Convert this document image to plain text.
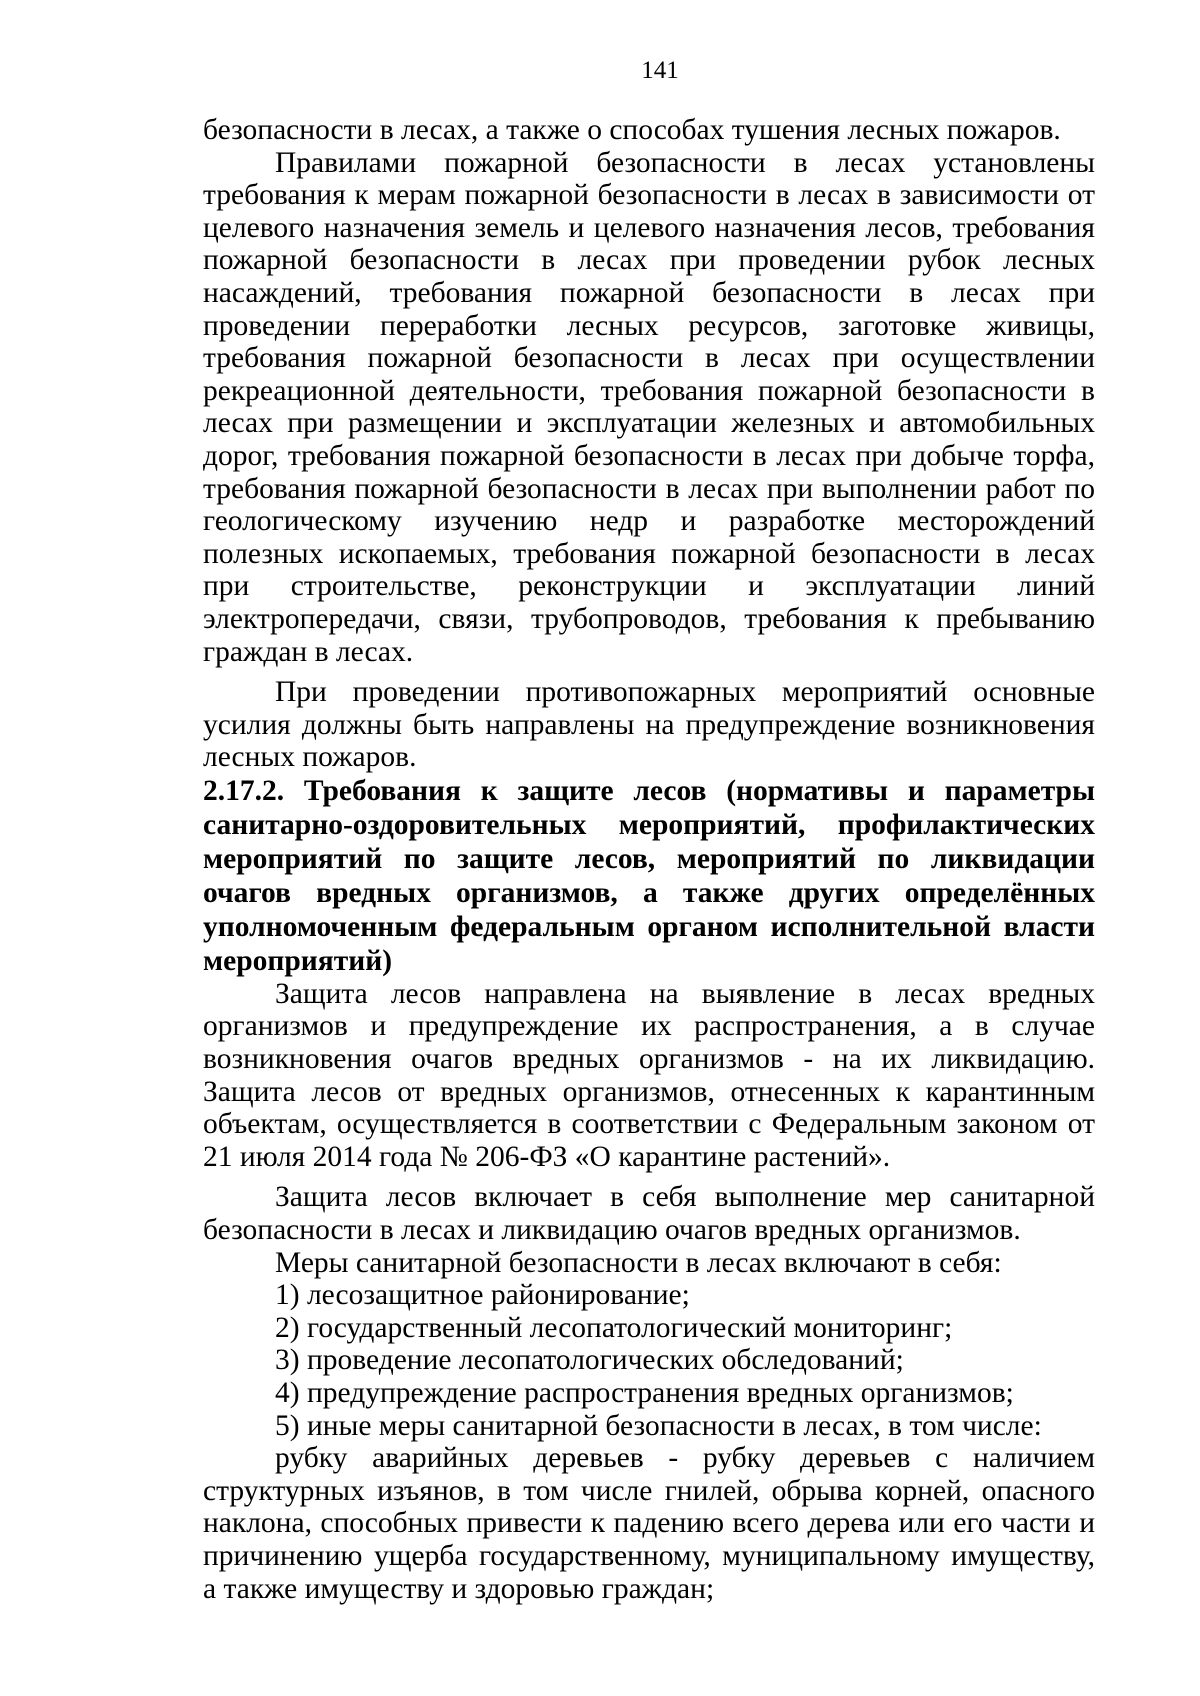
141

безопасности в лесах, а также о способах тушения лесных пожаров.

Правилами пожарной безопасности в лесах установлены требования к мерам пожарной безопасности в лесах в зависимости от целевого назначения земель и целевого назначения лесов, требования пожарной безопасности в лесах при проведении рубок лесных насаждений, требования пожарной безопасности в лесах при проведении переработки лесных ресурсов, заготовке живицы, требования пожарной безопасности в лесах при осуществлении рекреационной деятельности, требования пожарной безопасности в лесах при размещении и эксплуатации железных и автомобильных дорог, требования пожарной безопасности в лесах при добыче торфа, требования пожарной безопасности в лесах при выполнении работ по геологическому изучению недр и разработке месторождений полезных ископаемых, требования пожарной безопасности в лесах при строительстве, реконструкции и эксплуатации линий электропередачи, связи, трубопроводов, требования к пребыванию граждан в лесах.

При проведении противопожарных мероприятий основные усилия должны быть направлены на предупреждение возникновения лесных пожаров.

2.17.2. Требования к защите лесов (нормативы и параметры санитарно-оздоровительных мероприятий, профилактических мероприятий по защите лесов, мероприятий по ликвидации очагов вредных организмов, а также других определённых уполномоченным федеральным органом исполнительной власти мероприятий)

Защита лесов направлена на выявление в лесах вредных организмов и предупреждение их распространения, а в случае возникновения очагов вредных организмов - на их ликвидацию. Защита лесов от вредных организмов, отнесенных к карантинным объектам, осуществляется в соответствии с Федеральным законом от 21 июля 2014 года № 206-ФЗ «О карантине растений».

Защита лесов включает в себя выполнение мер санитарной безопасности в лесах и ликвидацию очагов вредных организмов.

Меры санитарной безопасности в лесах включают в себя:

1) лесозащитное районирование;

2) государственный лесопатологический мониторинг;

3) проведение лесопатологических обследований;

4) предупреждение распространения вредных организмов;

5) иные меры санитарной безопасности в лесах, в том числе:

рубку аварийных деревьев - рубку деревьев с наличием структурных изъянов, в том числе гнилей, обрыва корней, опасного наклона, способных привести к падению всего дерева или его части и причинению ущерба государственному, муниципальному имуществу, а также имуществу и здоровью граждан;
